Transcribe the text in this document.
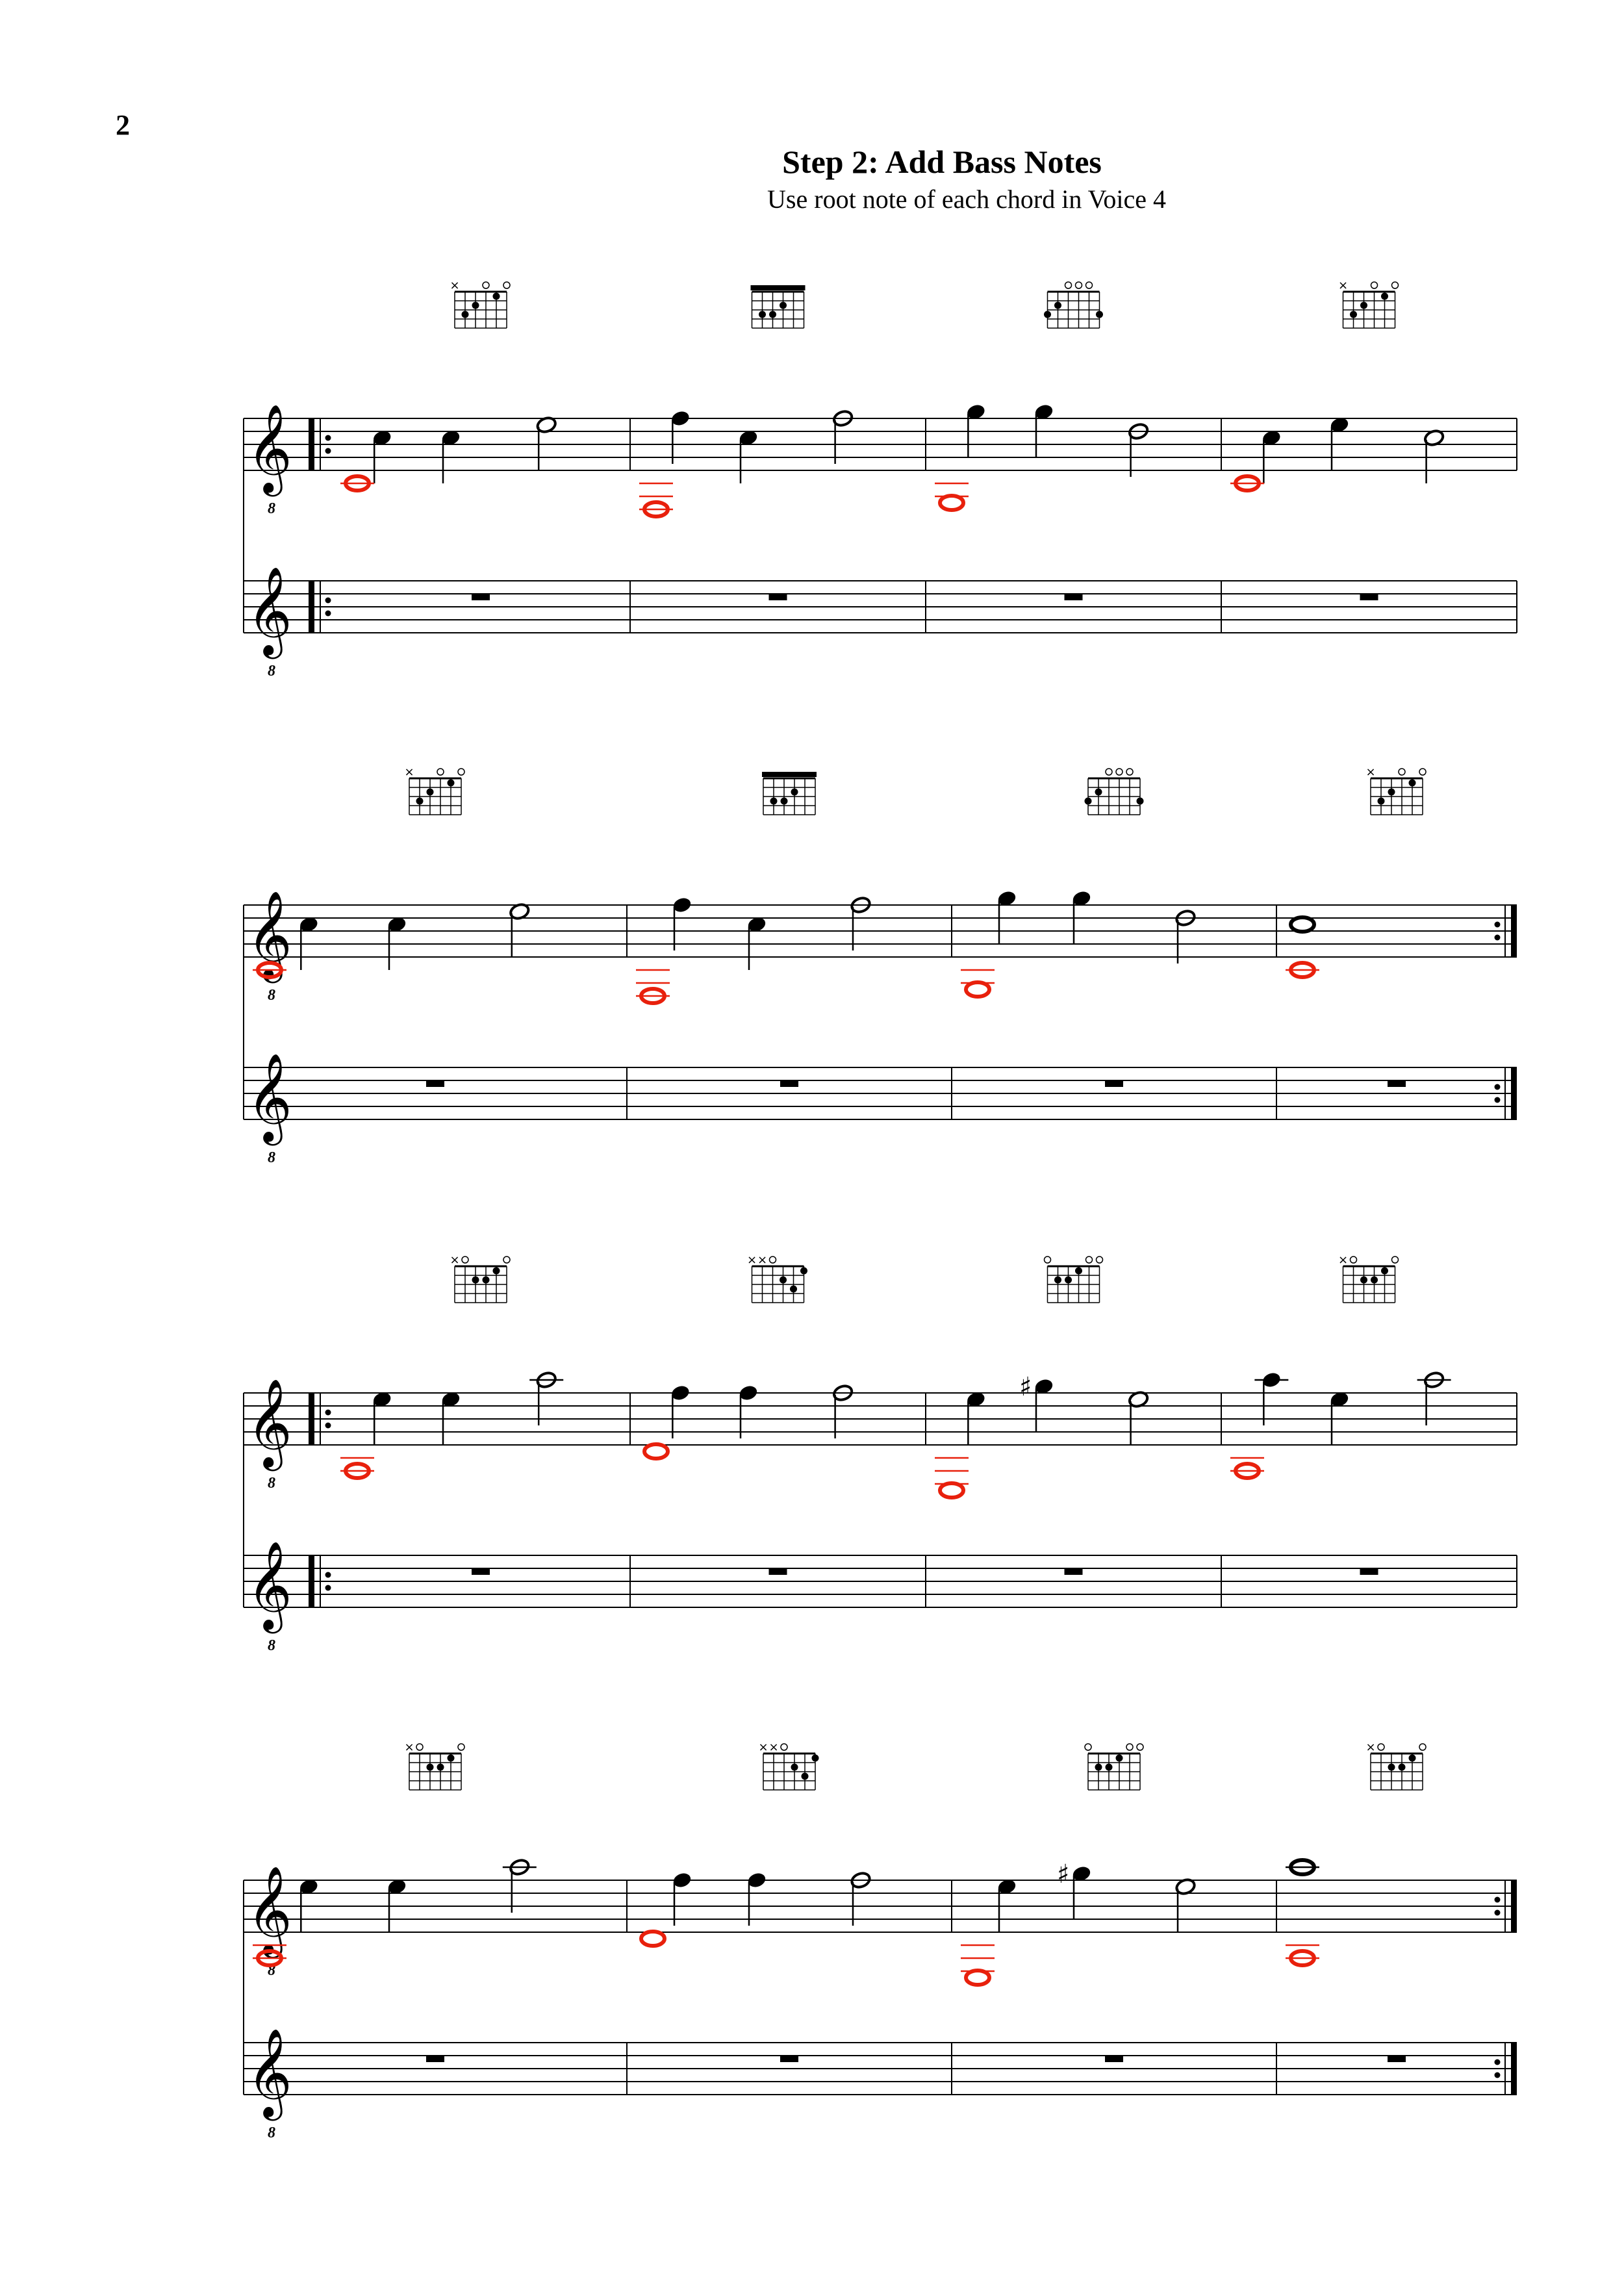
2
Step 2: Add Bass Notes
Use root note of each chord in Voice 4
𝄞
8
𝄞
8
×	×
𝄞
8
𝄞
8
×	×
𝄞
8
𝄞
8
×	× ×
♯
×
𝄞
8
𝄞
8
×	× ×
♯
×
